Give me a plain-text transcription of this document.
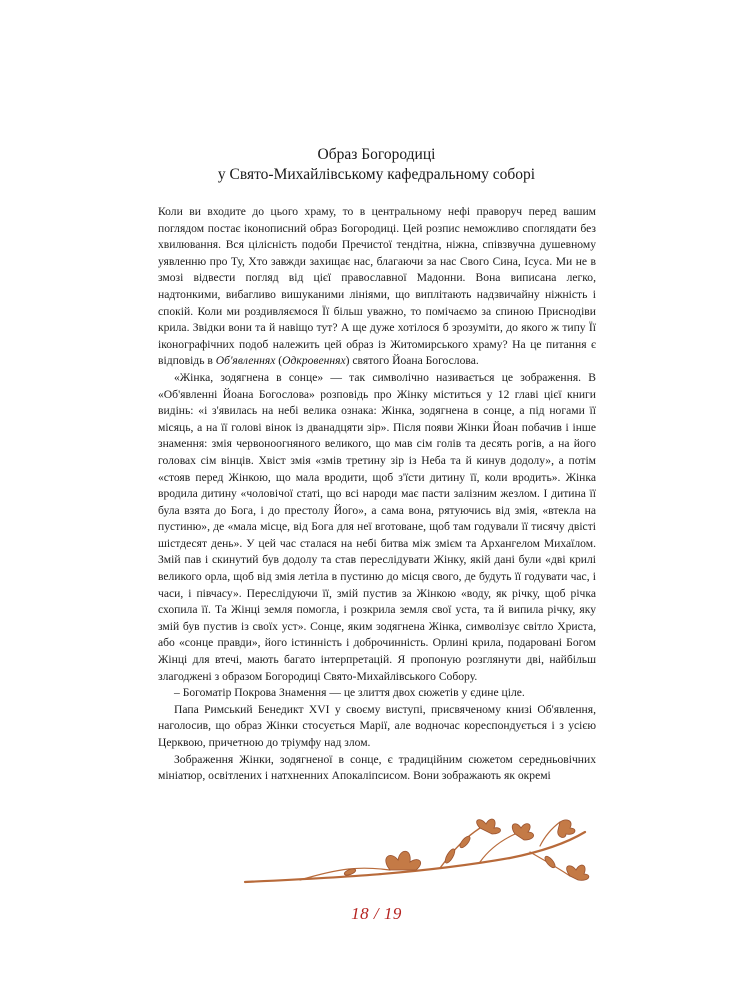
Образ Богородиці
у Свято-Михайлівському кафедральному соборі

Коли ви входите до цього храму, то в центральному нефі праворуч перед вашим поглядом постає іконописний образ Богородиці. Цей розпис неможливо споглядати без хвилювання. Вся цілісність подоби Пречистої тендітна, ніжна, співзвучна душевному уявленню про Ту, Хто завжди захищає нас, благаючи за нас Свого Сина, Ісуса. Ми не в змозі відвести погляд від цієї православної Мадонни. Вона виписана легко, надтонкими, вибагливо вишуканими лініями, що виплітають надзвичайну ніжність і спокій. Коли ми роздивляємося Її більш уважно, то помічаємо за спиною Приснодіви крила. Звідки вони та й навіщо тут? А ще дуже хотілося б зрозуміти, до якого ж типу Її іконографічних подоб належить цей образ із Житомирського храму? На це питання є відповідь в Об'явленнях (Одкровеннях) святого Йоана Богослова.

«Жінка, зодягнена в сонце» — так символічно називається це зображення. В «Об'явленні Йоана Богослова» розповідь про Жінку міститься у 12 главі цієї книги видінь: «і з'явилась на небі велика ознака: Жінка, зодягнена в сонце, а під ногами її місяць, а на її голові вінок із дванадцяти зір». Після появи Жінки Йоан побачив і інше знамення: змія червоноогняного великого, що мав сім голів та десять рогів, а на його головах сім вінців. Хвіст змія «змів третину зір із Неба та й кинув додолу», а потім «стояв перед Жінкою, що мала вродити, щоб з'їсти дитину її, коли вродить». Жінка вродила дитину «чоловічої статі, що всі народи має пасти залізним жезлом. І дитина її була взята до Бога, і до престолу Його», а сама вона, рятуючись від змія, «втекла на пустиню», де «мала місце, від Бога для неї вготоване, щоб там годували її тисячу двісті шістдесят день». У цей час сталася на небі битва між змієм та Архангелом Михаїлом. Змій пав і скинутий був додолу та став переслідувати Жінку, якій дані були «дві крилі великого орла, щоб від змія летіла в пустиню до місця свого, де будуть її годувати час, і часи, і півчасу». Переслідуючи її, змій пустив за Жінкою «воду, як річку, щоб річка схопила її. Та Жінці земля помогла, і розкрила земля свої уста, та й випила річку, яку змій був пустив із своїх уст». Сонце, яким зодягнена Жінка, символізує світло Христа, або «сонце правди», його істинність і доброчинність. Орлині крила, подаровані Богом Жінці для втечі, мають багато інтерпретацій. Я пропоную розглянути дві, найбільш злагоджені з образом Богородиці Свято-Михайлівського Собору.

– Богоматір Покрова Знамення — це злиття двох сюжетів у єдине ціле.

Папа Римський Бенедикт XVI у своєму виступі, присвяченому книзі Об'явлення, наголосив, що образ Жінки стосується Марії, але водночас кореспондується і з усією Церквою, причетною до тріумфу над злом.

Зображення Жінки, зодягненої в сонце, є традиційним сюжетом середньовічних мініатюр, освітлених і натхненних Апокаліпсисом. Вони зображають як окремі

18 / 19
